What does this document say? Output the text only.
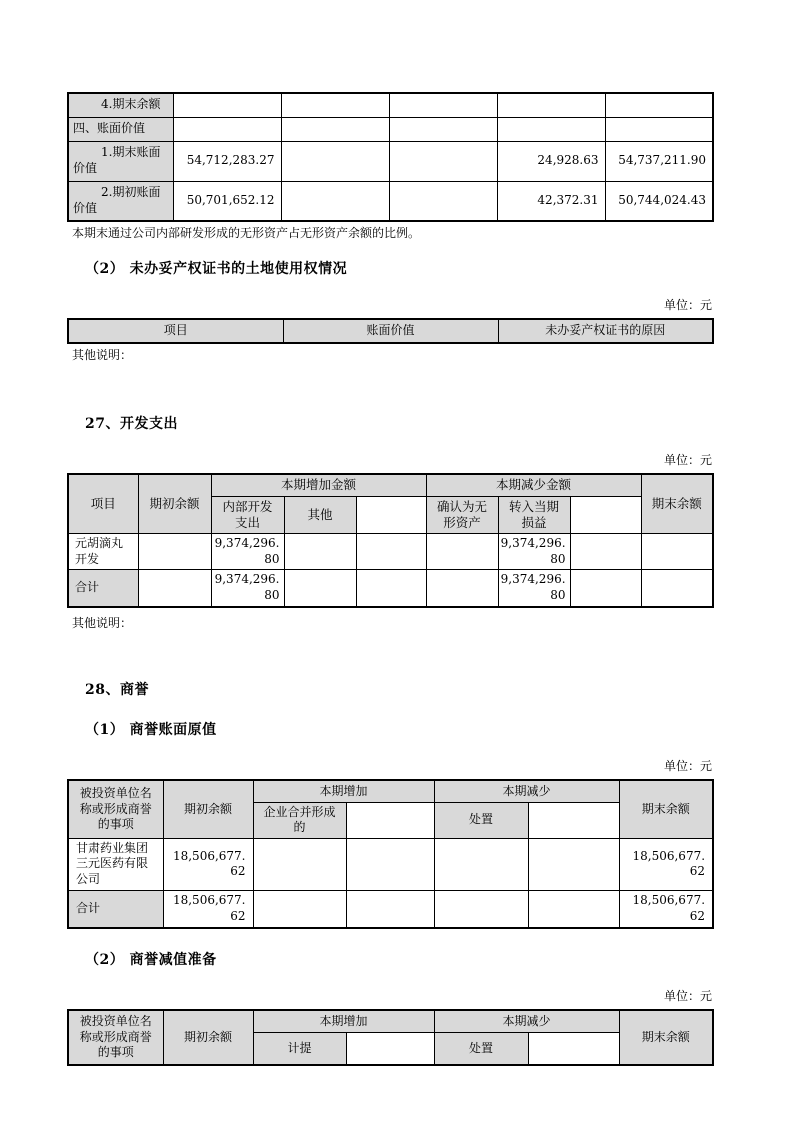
4.期末余额					
四、账面价值					
1.期末账面价值	54,712,283.27			24,928.63	54,737,211.90
2.期初账面价值	50,701,652.12			42,372.31	50,744,024.43

本期末通过公司内部研发形成的无形资产占无形资产余额的比例。

（2） 未办妥产权证书的土地使用权情况
单位：元
项目	账面价值	未办妥产权证书的原因

其他说明：

27、开发支出
单位：元
项目	期初余额	本期增加金额			本期减少金额			期末余额
		内部开发支出	其他		确认为无形资产	转入当期损益		
元胡滴丸开发		9,374,296.80				9,374,296.80		
合计		9,374,296.80				9,374,296.80		

其他说明：

28、商誉
（1） 商誉账面原值
单位：元
被投资单位名称或形成商誉的事项	期初余额	本期增加		本期减少		期末余额
		企业合并形成的		处置		
甘肃药业集团三元医药有限公司	18,506,677.62					18,506,677.62
合计	18,506,677.62					18,506,677.62
（2） 商誉减值准备
单位：元
被投资单位名称或形成商誉的事项	期初余额	本期增加		本期减少		期末余额
		计提		处置		
